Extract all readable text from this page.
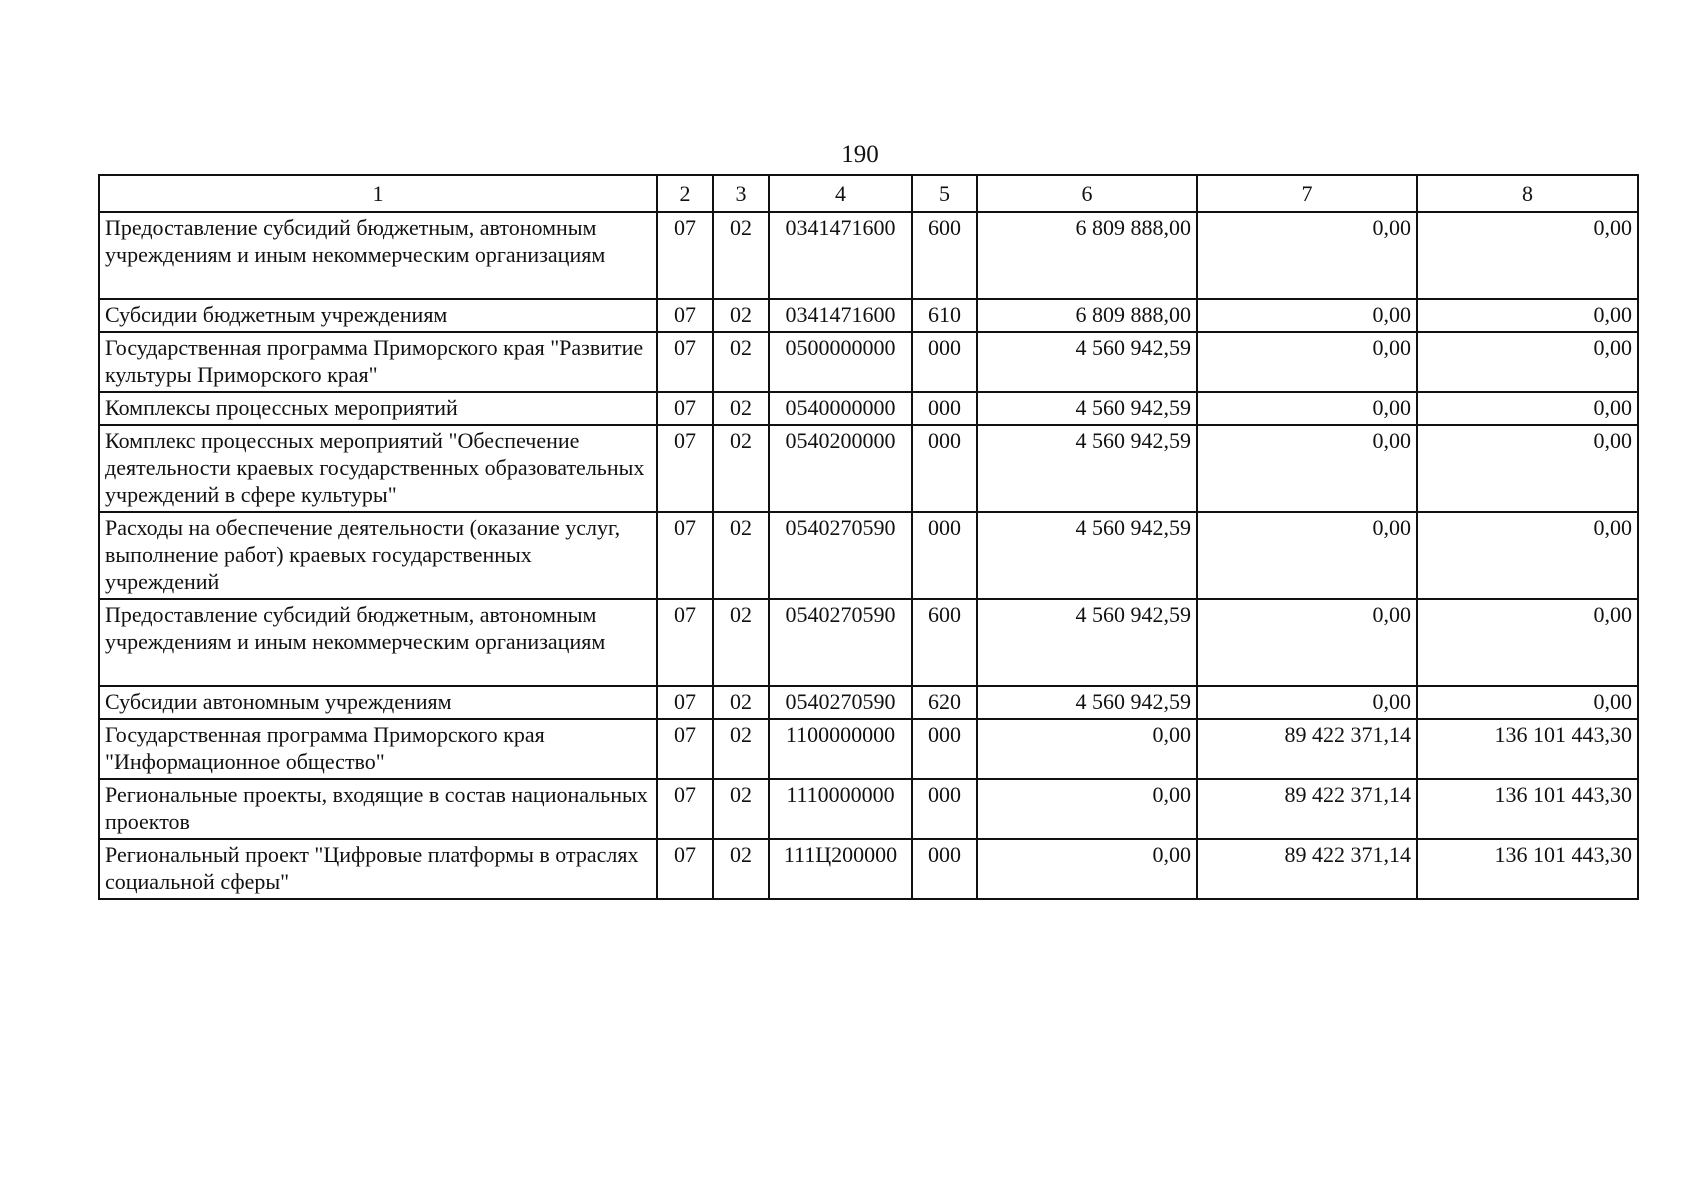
190
1	2	3	4	5	6	7	8
Предоставление субсидий бюджетным, автономным учреждениям и иным некоммерческим организациям	07	02	0341471600	600	6 809 888,00	0,00	0,00
Субсидии бюджетным учреждениям	07	02	0341471600	610	6 809 888,00	0,00	0,00
Государственная программа Приморского края "Развитие культуры Приморского края"	07	02	0500000000	000	4 560 942,59	0,00	0,00
Комплексы процессных мероприятий	07	02	0540000000	000	4 560 942,59	0,00	0,00
Комплекс процессных мероприятий "Обеспечение деятельности краевых государственных образовательных учреждений в сфере культуры"	07	02	0540200000	000	4 560 942,59	0,00	0,00
Расходы на обеспечение деятельности (оказание услуг, выполнение работ) краевых государственных учреждений	07	02	0540270590	000	4 560 942,59	0,00	0,00
Предоставление субсидий бюджетным, автономным учреждениям и иным некоммерческим организациям	07	02	0540270590	600	4 560 942,59	0,00	0,00
Субсидии автономным учреждениям	07	02	0540270590	620	4 560 942,59	0,00	0,00
Государственная программа Приморского края "Информационное общество"	07	02	1100000000	000	0,00	89 422 371,14	136 101 443,30
Региональные проекты, входящие в состав национальных проектов	07	02	1110000000	000	0,00	89 422 371,14	136 101 443,30
Региональный проект "Цифровые платформы в отраслях социальной сферы"	07	02	111Ц200000	000	0,00	89 422 371,14	136 101 443,30
